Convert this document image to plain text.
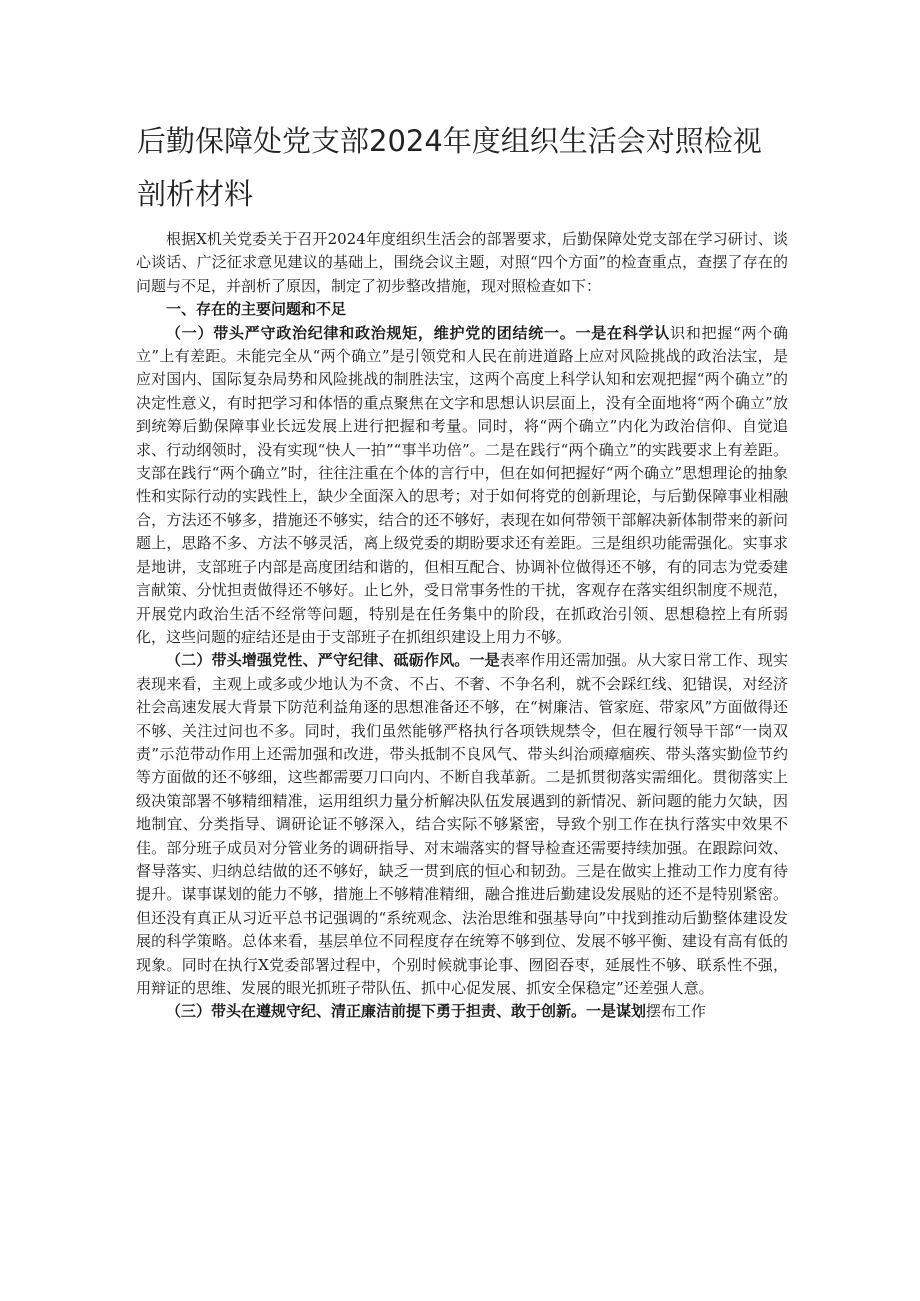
后勤保障处党支部2024年度组织生活会对照检视剖析材料

根据X机关党委关于召开2024年度组织生活会的部署要求，后勤保障处党支部在学习研讨、谈心谈话、广泛征求意见建议的基础上，围绕会议主题，对照“四个方面”的检查重点，查摆了存在的问题与不足，并剖析了原因，制定了初步整改措施，现对照检查如下：

一、存在的主要问题和不足

（一）带头严守政治纪律和政治规矩，维护党的团结统一。一是在科学认识和把握“两个确立”上有差距。未能完全从“两个确立”是引领党和人民在前进道路上应对风险挑战的政治法宝，是应对国内、国际复杂局势和风险挑战的制胜法宝，这两个高度上科学认知和宏观把握“两个确立”的决定性意义，有时把学习和体悟的重点聚焦在文字和思想认识层面上，没有全面地将“两个确立”放到统筹后勤保障事业长远发展上进行把握和考量。同时，将“两个确立”内化为政治信仰、自觉追求、行动纲领时，没有实现“快人一拍”“事半功倍”。二是在践行“两个确立”的实践要求上有差距。支部在践行“两个确立”时，往往注重在个体的言行中，但在如何把握好“两个确立”思想理论的抽象性和实际行动的实践性上，缺少全面深入的思考；对于如何将党的创新理论，与后勤保障事业相融合，方法还不够多，措施还不够实，结合的还不够好，表现在如何带领干部解决新体制带来的新问题上，思路不多、方法不够灵活，离上级党委的期盼要求还有差距。三是组织功能需强化。实事求是地讲，支部班子内部是高度团结和谐的，但相互配合、协调补位做得还不够，有的同志为党委建言献策、分忧担责做得还不够好。止匕外，受日常事务性的干扰，客观存在落实组织制度不规范，开展党内政治生活不经常等问题，特别是在任务集中的阶段，在抓政治引领、思想稳控上有所弱化，这些问题的症结还是由于支部班子在抓组织建设上用力不够。

（二）带头增强党性、严守纪律、砥砺作风。一是表率作用还需加强。从大家日常工作、现实表现来看，主观上或多或少地认为不贪、不占、不奢、不争名利，就不会踩红线、犯错误，对经济社会高速发展大背景下防范利益角逐的思想准备还不够，在“树廉洁、管家庭、带家风”方面做得还不够、关注过问也不多。同时，我们虽然能够严格执行各项铁规禁令，但在履行领导干部“一岗双责”示范带动作用上还需加强和改进，带头抵制不良风气、带头纠治顽瘴痼疾、带头落实勤俭节约等方面做的还不够细，这些都需要刀口向内、不断自我革新。二是抓贯彻落实需细化。贯彻落实上级决策部署不够精细精准，运用组织力量分析解决队伍发展遇到的新情况、新问题的能力欠缺，因地制宜、分类指导、调研论证不够深入，结合实际不够紧密，导致个别工作在执行落实中效果不佳。部分班子成员对分管业务的调研指导、对末端落实的督导检查还需要持续加强。在跟踪问效、督导落实、归纳总结做的还不够好，缺乏一贯到底的恒心和韧劲。三是在做实上推动工作力度有待提升。谋事谋划的能力不够，措施上不够精准精细，融合推进后勤建设发展贴的还不是特别紧密。但还没有真正从习近平总书记强调的“系统观念、法治思维和强基导向”中找到推动后勤整体建设发展的科学策略。总体来看，基层单位不同程度存在统筹不够到位、发展不够平衡、建设有高有低的现象。同时在执行X党委部署过程中，个别时候就事论事、囫囵吞枣，延展性不够、联系性不强，用辩证的思维、发展的眼光抓班子带队伍、抓中心促发展、抓安全保稳定”还差强人意。

（三）带头在遵规守纪、清正廉洁前提下勇于担责、敢于创新。一是谋划摆布工作
